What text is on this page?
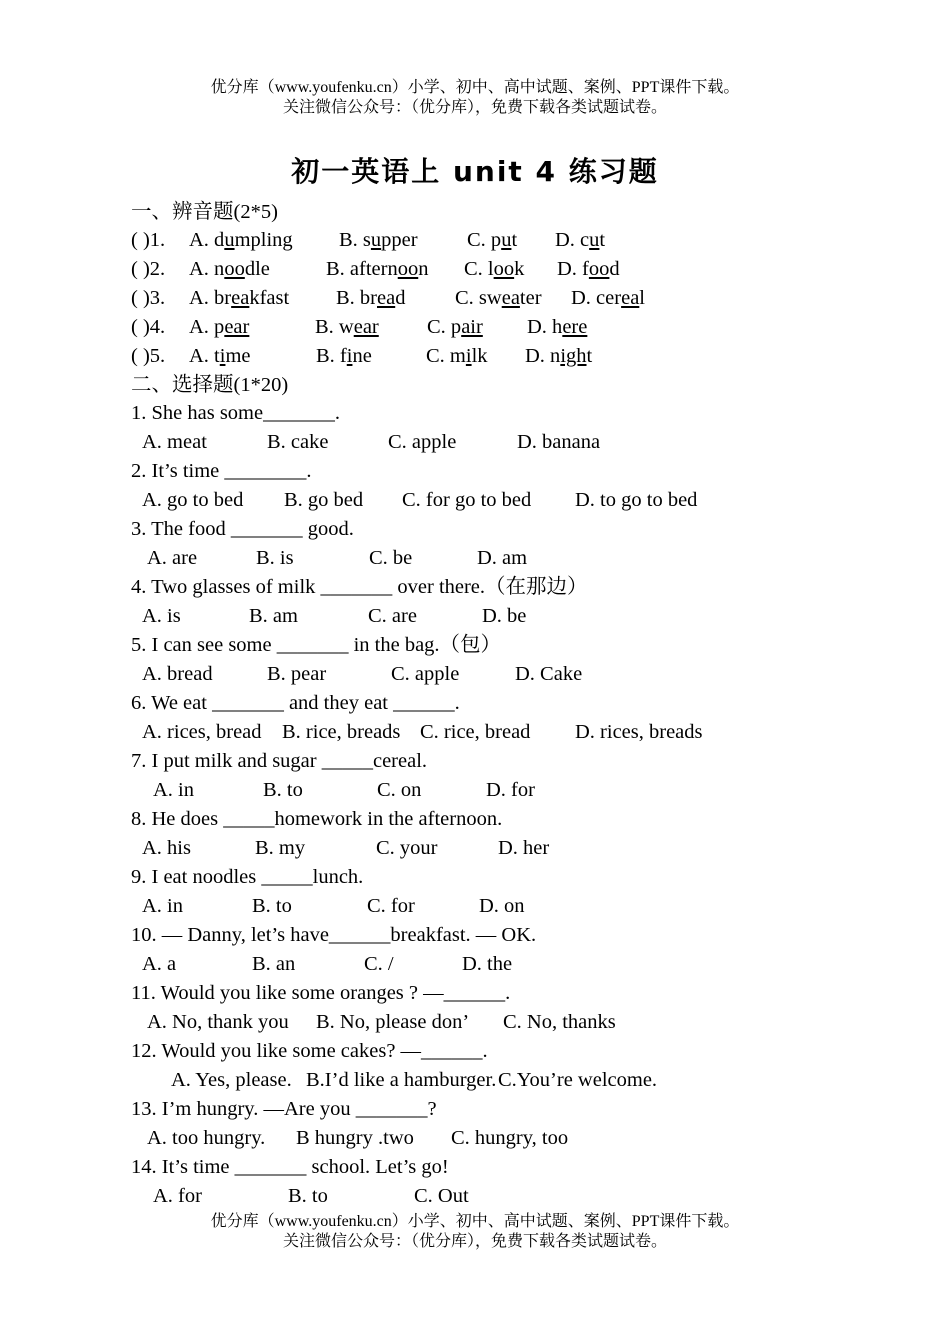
优分库（www.youfenku.cn）小学、初中、高中试题、案例、PPT课件下载。
关注微信公众号：（优分库），免费下载各类试题试卷。
初一英语上 unit 4 练习题
一、辨音题(2*5)
( )1.	A. dumpling	B. supper	C. put	D. cut
( )2.	A. noodle	B. afternoon	C. look	D. food
( )3.	A. breakfast	B. bread	C. sweater	D. cereal
( )4.	A. pear	B. wear	C. pair	D. here
( )5.	A. time	B. fine	C. milk	D. night
二、选择题(1*20)
1. She has some_______.
A. meat	B. cake	C. apple	D. banana
2. It’s time ________.
A. go to bed	B. go bed	C. for go to bed	D. to go to bed
3. The food _______ good.
A. are	B. is	C. be	D. am
4. Two glasses of milk _______ over there.（在那边）
A. is	B. am	C. are	D. be
5. I can see some _______ in the bag.（包）
A. bread	B. pear	C. apple	D. Cake
6. We eat _______ and they eat ______.
A. rices, bread B. rice, breads C. rice, bread	D. rices, breads
7. I put milk and sugar _____cereal.
A. in	B. to	C. on	D. for
8. He does _____homework in the afternoon.
A. his	B. my	C. your	D. her
9. I eat noodles _____lunch.
A. in	B. to	C. for	D. on
10. — Danny, let’s have______breakfast. — OK.
A. a	B. an	C. /	D. the
11. Would you like some oranges ? —______.
A. No, thank you	B. No, please don’	C. No, thanks
12. Would you like some cakes? —______.
A. Yes, please. B.I’d like a hamburger. C.You’re welcome.
13. I’m hungry. —Are you _______?
A. too hungry.	B hungry .two	C. hungry, too
14. It’s time _______ school. Let’s go!
A. for	B. to	C. Out
优分库（www.youfenku.cn）小学、初中、高中试题、案例、PPT课件下载。
关注微信公众号：（优分库），免费下载各类试题试卷。
